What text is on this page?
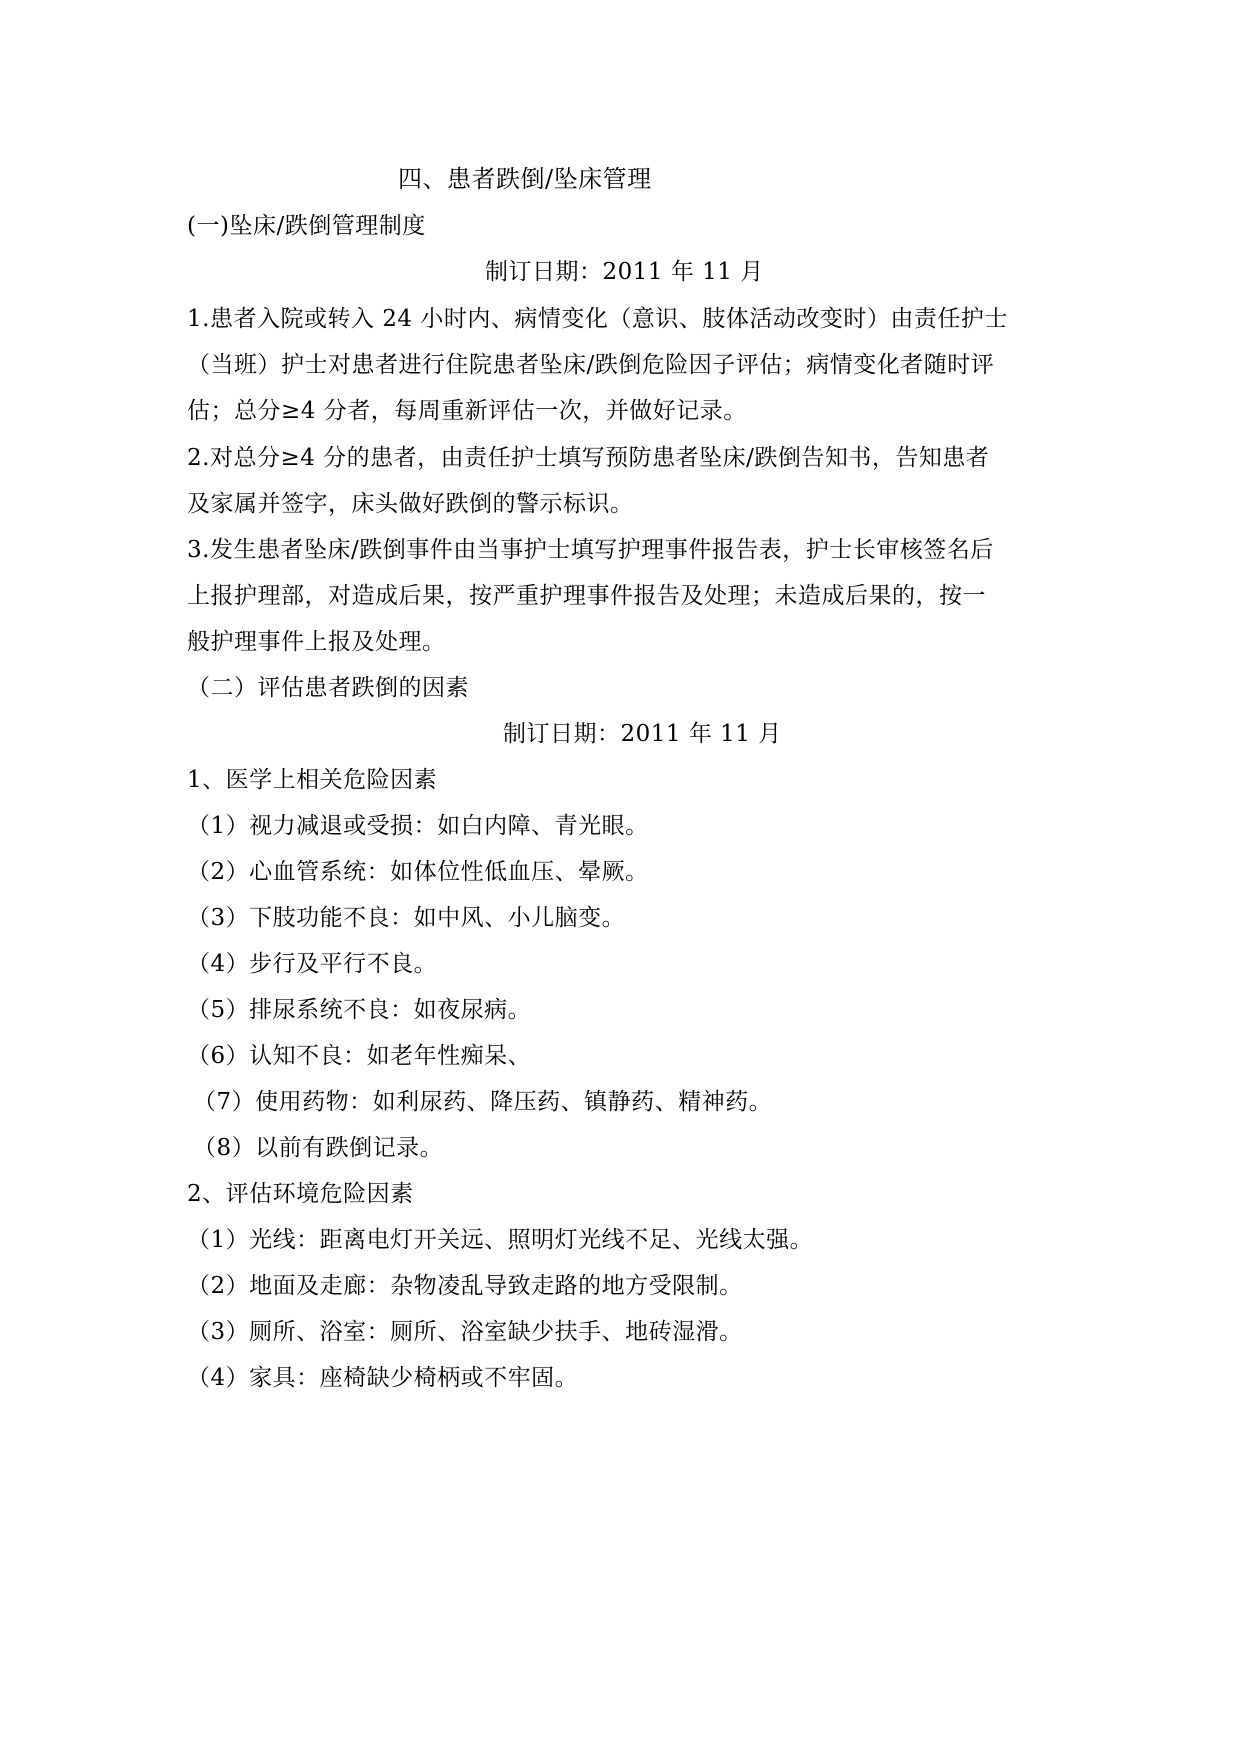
四、患者跌倒/坠床管理
(一)坠床/跌倒管理制度
制订日期：2011 年 11 月
1.患者入院或转入 24 小时内、病情变化（意识、肢体活动改变时）由责任护士
（当班）护士对患者进行住院患者坠床/跌倒危险因子评估；病情变化者随时评
估；总分≥4 分者，每周重新评估一次，并做好记录。
2.对总分≥4 分的患者，由责任护士填写预防患者坠床/跌倒告知书，告知患者
及家属并签字，床头做好跌倒的警示标识。
3.发生患者坠床/跌倒事件由当事护士填写护理事件报告表，护士长审核签名后
上报护理部，对造成后果，按严重护理事件报告及处理；未造成后果的，按一
般护理事件上报及处理。
（二）评估患者跌倒的因素
制订日期：2011 年 11 月
1、医学上相关危险因素
（1）视力减退或受损：如白内障、青光眼。
（2）心血管系统：如体位性低血压、晕厥。
（3）下肢功能不良：如中风、小儿脑变。
（4）步行及平行不良。
（5）排尿系统不良：如夜尿病。
（6）认知不良：如老年性痴呆、
（7）使用药物：如利尿药、降压药、镇静药、精神药。
（8）以前有跌倒记录。
2、评估环境危险因素
（1）光线：距离电灯开关远、照明灯光线不足、光线太强。
（2）地面及走廊：杂物凌乱导致走路的地方受限制。
（3）厕所、浴室：厕所、浴室缺少扶手、地砖湿滑。
（4）家具：座椅缺少椅柄或不牢固。
